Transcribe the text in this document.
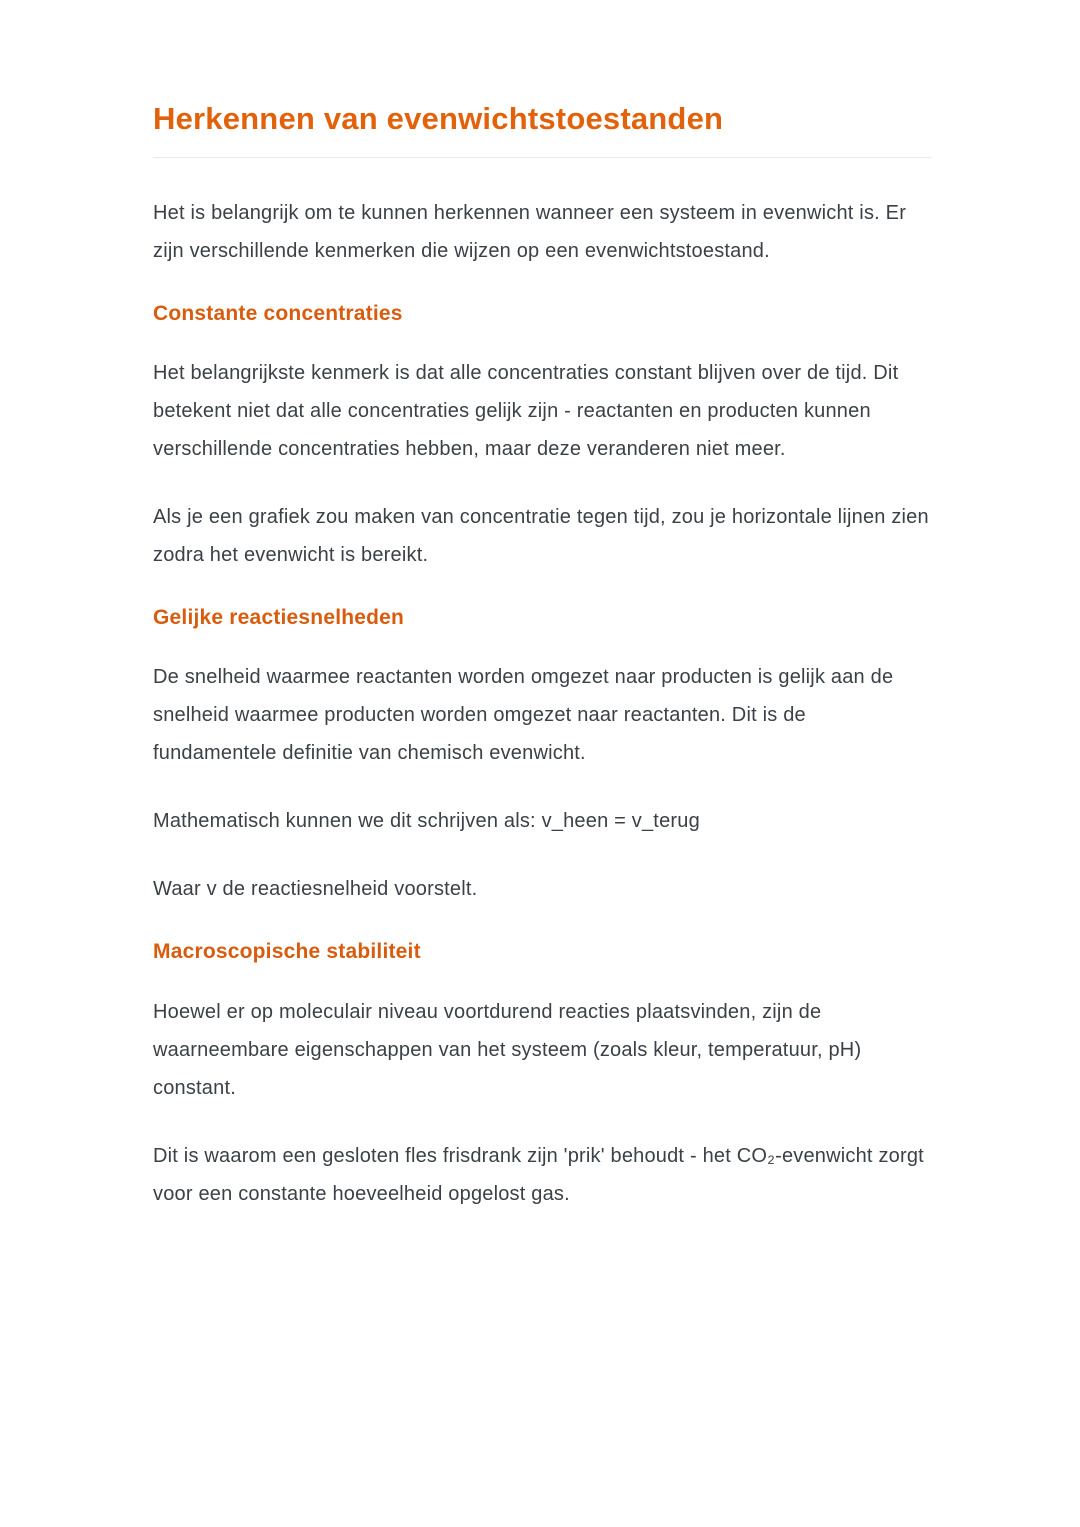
Herkennen van evenwichtstoestanden

Het is belangrijk om te kunnen herkennen wanneer een systeem in evenwicht is. Er zijn verschillende kenmerken die wijzen op een evenwichtstoestand.

Constante concentraties

Het belangrijkste kenmerk is dat alle concentraties constant blijven over de tijd. Dit betekent niet dat alle concentraties gelijk zijn - reactanten en producten kunnen verschillende concentraties hebben, maar deze veranderen niet meer.

Als je een grafiek zou maken van concentratie tegen tijd, zou je horizontale lijnen zien zodra het evenwicht is bereikt.

Gelijke reactiesnelheden

De snelheid waarmee reactanten worden omgezet naar producten is gelijk aan de snelheid waarmee producten worden omgezet naar reactanten. Dit is de fundamentele definitie van chemisch evenwicht.

Mathematisch kunnen we dit schrijven als: v_heen = v_terug

Waar v de reactiesnelheid voorstelt.

Macroscopische stabiliteit

Hoewel er op moleculair niveau voortdurend reacties plaatsvinden, zijn de waarneembare eigenschappen van het systeem (zoals kleur, temperatuur, pH) constant.

Dit is waarom een gesloten fles frisdrank zijn 'prik' behoudt - het CO₂-evenwicht zorgt voor een constante hoeveelheid opgelost gas.
